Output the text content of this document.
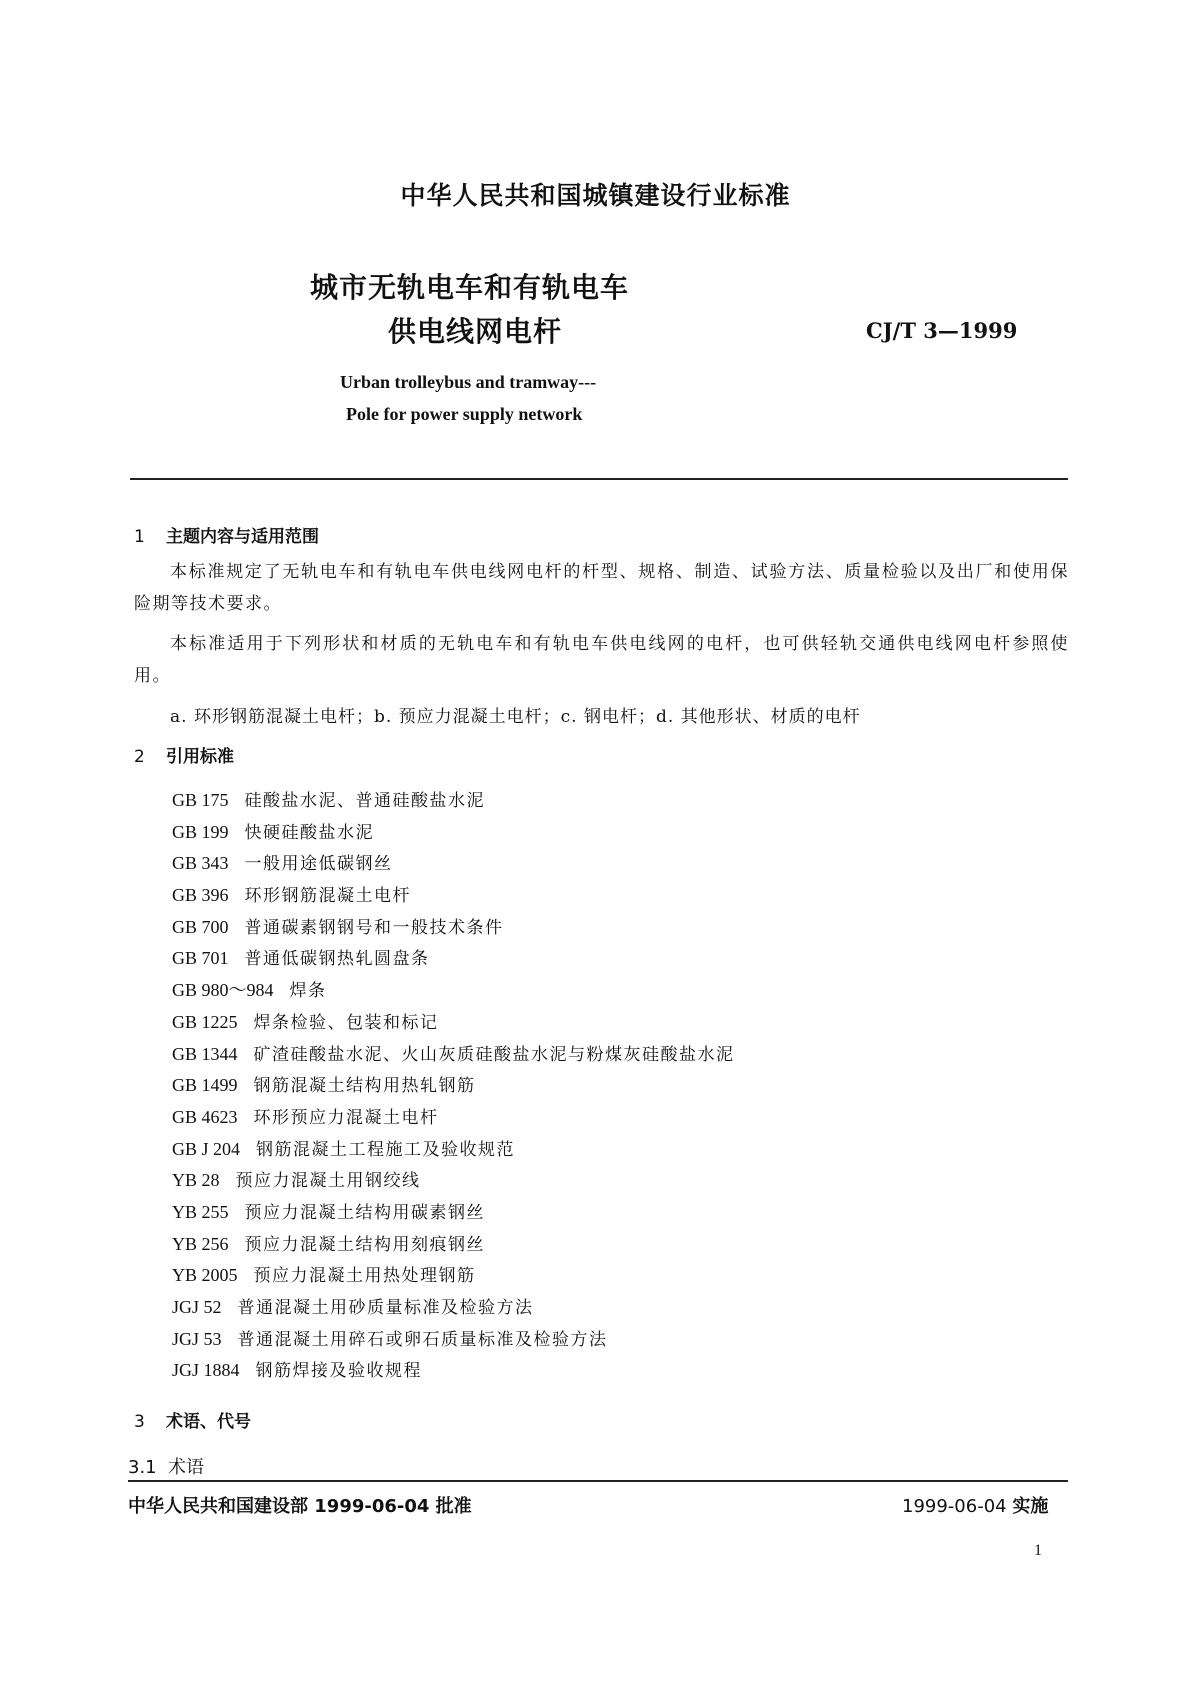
中华人民共和国城镇建设行业标准
城市无轨电车和有轨电车
供电线网电杆	CJ/T 3—1999
Urban trolleybus and tramway---
Pole for power supply network
1 主题内容与适用范围
本标准规定了无轨电车和有轨电车供电线网电杆的杆型、规格、制造、试验方法、质量检验以及出厂和使用保险期等技术要求。
本标准适用于下列形状和材质的无轨电车和有轨电车供电线网的电杆，也可供轻轨交通供电线网电杆参照使用。
a. 环形钢筋混凝土电杆；b. 预应力混凝土电杆；c. 钢电杆；d. 其他形状、材质的电杆
2 引用标准
GB 175 硅酸盐水泥、普通硅酸盐水泥
GB 199 快硬硅酸盐水泥
GB 343 一般用途低碳钢丝
GB 396 环形钢筋混凝土电杆
GB 700 普通碳素钢钢号和一般技术条件
GB 701 普通低碳钢热轧圆盘条
GB 980～984 焊条
GB 1225 焊条检验、包装和标记
GB 1344 矿渣硅酸盐水泥、火山灰质硅酸盐水泥与粉煤灰硅酸盐水泥
GB 1499 钢筋混凝土结构用热轧钢筋
GB 4623 环形预应力混凝土电杆
GB J 204 钢筋混凝土工程施工及验收规范
YB 28 预应力混凝土用钢绞线
YB 255 预应力混凝土结构用碳素钢丝
YB 256 预应力混凝土结构用刻痕钢丝
YB 2005 预应力混凝土用热处理钢筋
JGJ 52 普通混凝土用砂质量标准及检验方法
JGJ 53 普通混凝土用碎石或卵石质量标准及检验方法
JGJ 1884 钢筋焊接及验收规程
3 术语、代号
3.1 术语
中华人民共和国建设部 1999-06-04 批准	1999-06-04 实施
1
